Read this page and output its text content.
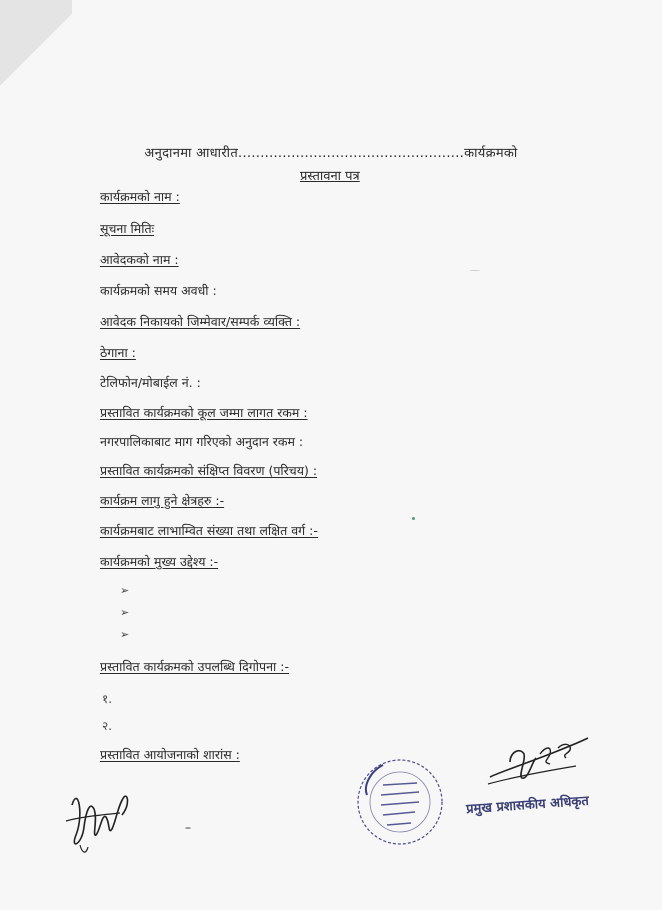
अनुदानमा आधारीत...................................................कार्यक्रमको
प्रस्तावना पत्र
कार्यक्रमको नाम :
सूचना मितिः
आवेदकको नाम :
कार्यक्रमको समय अवधी :
आवेदक निकायको जिम्मेवार/सम्पर्क व्यक्ति :
ठेगाना :
टेलिफोन/मोबाईल नं. :
प्रस्तावित कार्यक्रमको कूल जम्मा लागत रकम :
नगरपालिकाबाट माग गरिएको अनुदान रकम :
प्रस्तावित कार्यक्रमको संक्षिप्त विवरण (परिचय) :
कार्यक्रम लागु हुने क्षेत्रहरु :-
कार्यक्रमबाट लाभाम्वित संख्या तथा लक्षित वर्ग :-
कार्यक्रमको मुख्य उद्देश्य :-
➢
➢
➢
प्रस्तावित कार्यक्रमको उपलब्धि दिगोपना :-
१.
२.
प्रस्तावित आयोजनाको शारांस :
प्रमुख प्रशासकीय अधिकृत
